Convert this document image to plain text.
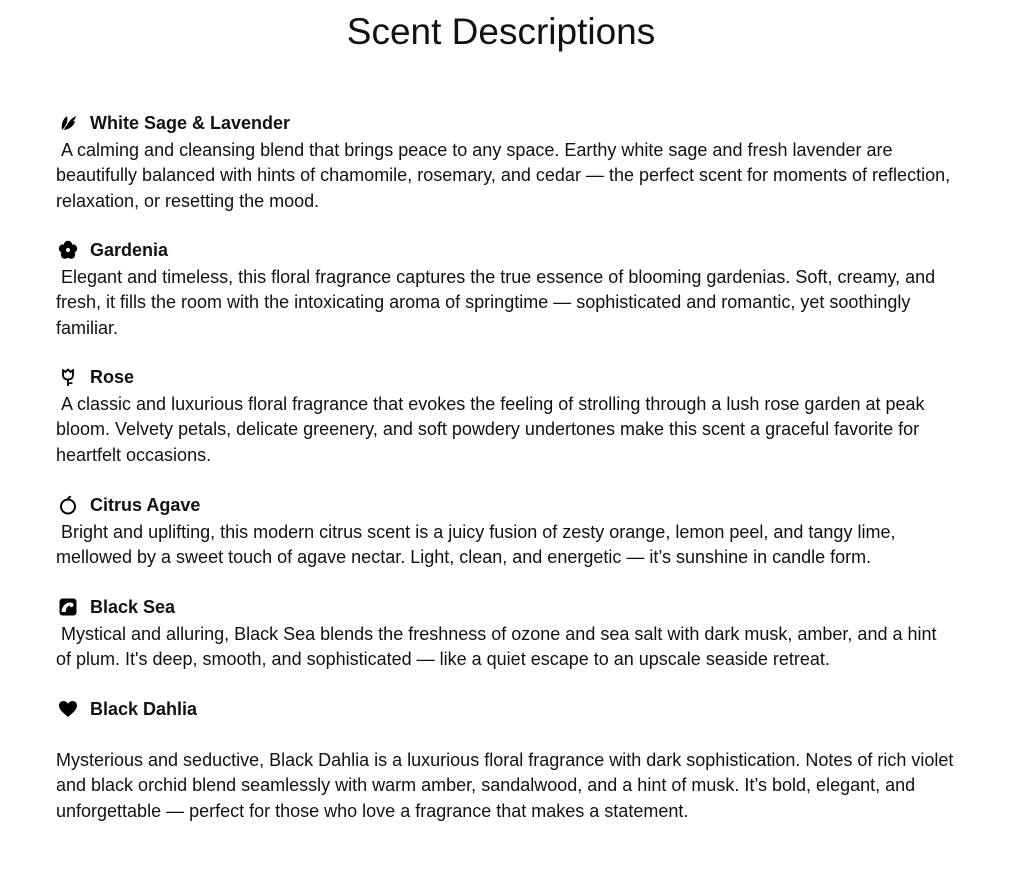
Scent Descriptions
White Sage & Lavender

A calming and cleansing blend that brings peace to any space. Earthy white sage and fresh lavender are beautifully balanced with hints of chamomile, rosemary, and cedar — the perfect scent for moments of reflection, relaxation, or resetting the mood.

Gardenia

Elegant and timeless, this floral fragrance captures the true essence of blooming gardenias. Soft, creamy, and fresh, it fills the room with the intoxicating aroma of springtime — sophisticated and romantic, yet soothingly familiar.

Rose

A classic and luxurious floral fragrance that evokes the feeling of strolling through a lush rose garden at peak bloom. Velvety petals, delicate greenery, and soft powdery undertones make this scent a graceful favorite for heartfelt occasions.

Citrus Agave

Bright and uplifting, this modern citrus scent is a juicy fusion of zesty orange, lemon peel, and tangy lime, mellowed by a sweet touch of agave nectar. Light, clean, and energetic — it’s sunshine in candle form.

Black Sea

Mystical and alluring, Black Sea blends the freshness of ozone and sea salt with dark musk, amber, and a hint of plum. It's deep, smooth, and sophisticated — like a quiet escape to an upscale seaside retreat.

Black Dahlia

Mysterious and seductive, Black Dahlia is a luxurious floral fragrance with dark sophistication. Notes of rich violet and black orchid blend seamlessly with warm amber, sandalwood, and a hint of musk. It’s bold, elegant, and unforgettable — perfect for those who love a fragrance that makes a statement.
